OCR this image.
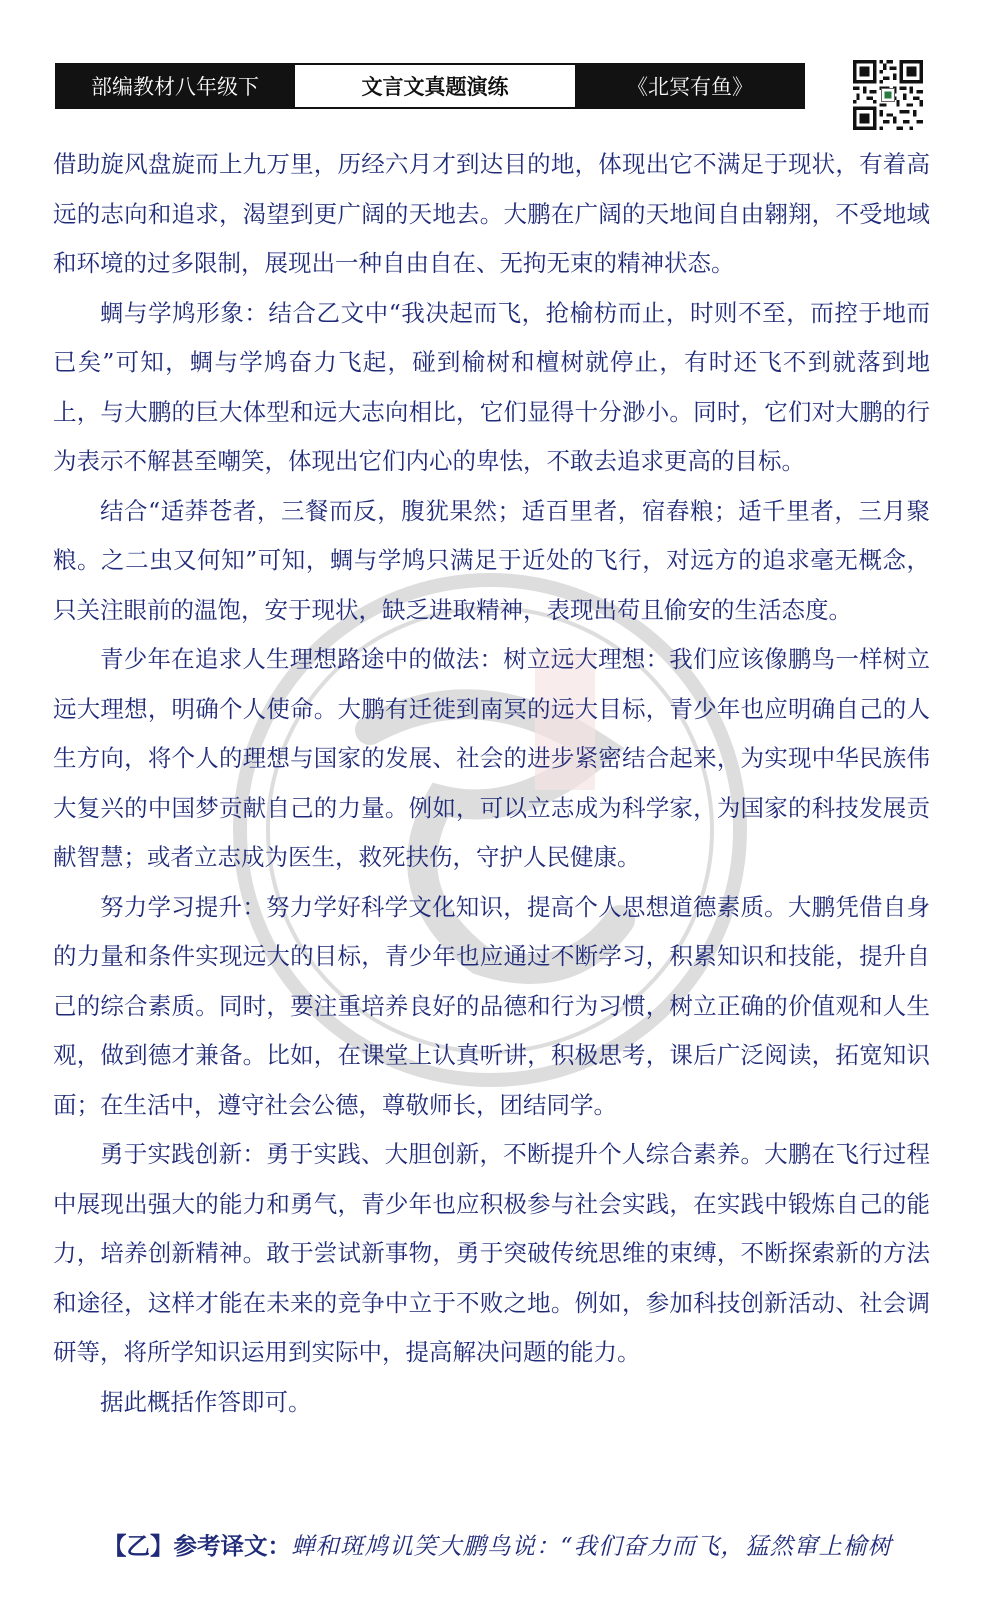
部编教材八年级下	文言文真题演练	《北冥有鱼》

借助旋风盘旋而上九万里，历经六月才到达目的地，体现出它不满足于现状，有着高远的志向和追求，渴望到更广阔的天地去。大鹏在广阔的天地间自由翱翔，不受地域和环境的过多限制，展现出一种自由自在、无拘无束的精神状态。

蜩与学鸠形象：结合乙文中“我决起而飞，抢榆枋而止，时则不至，而控于地而已矣”可知，蜩与学鸠奋力飞起，碰到榆树和檀树就停止，有时还飞不到就落到地上，与大鹏的巨大体型和远大志向相比，它们显得十分渺小。同时，它们对大鹏的行为表示不解甚至嘲笑，体现出它们内心的卑怯，不敢去追求更高的目标。

结合“适莽苍者，三餐而反，腹犹果然；适百里者，宿舂粮；适千里者，三月聚粮。之二虫又何知”可知，蜩与学鸠只满足于近处的飞行，对远方的追求毫无概念，只关注眼前的温饱，安于现状，缺乏进取精神，表现出苟且偷安的生活态度。

青少年在追求人生理想路途中的做法：树立远大理想：我们应该像鹏鸟一样树立远大理想，明确个人使命。大鹏有迁徙到南冥的远大目标，青少年也应明确自己的人生方向，将个人的理想与国家的发展、社会的进步紧密结合起来，为实现中华民族伟大复兴的中国梦贡献自己的力量。例如，可以立志成为科学家，为国家的科技发展贡献智慧；或者立志成为医生，救死扶伤，守护人民健康。

努力学习提升：努力学好科学文化知识，提高个人思想道德素质。大鹏凭借自身的力量和条件实现远大的目标，青少年也应通过不断学习，积累知识和技能，提升自己的综合素质。同时，要注重培养良好的品德和行为习惯，树立正确的价值观和人生观，做到德才兼备。比如，在课堂上认真听讲，积极思考，课后广泛阅读，拓宽知识面；在生活中，遵守社会公德，尊敬师长，团结同学。

勇于实践创新：勇于实践、大胆创新，不断提升个人综合素养。大鹏在飞行过程中展现出强大的能力和勇气，青少年也应积极参与社会实践，在实践中锻炼自己的能力，培养创新精神。敢于尝试新事物，勇于突破传统思维的束缚，不断探索新的方法和途径，这样才能在未来的竞争中立于不败之地。例如，参加科技创新活动、社会调研等，将所学知识运用到实际中，提高解决问题的能力。

据此概括作答即可。

【乙】参考译文：蝉和斑鸠讥笑大鹏鸟说：“我们奋力而飞，猛然窜上榆树
